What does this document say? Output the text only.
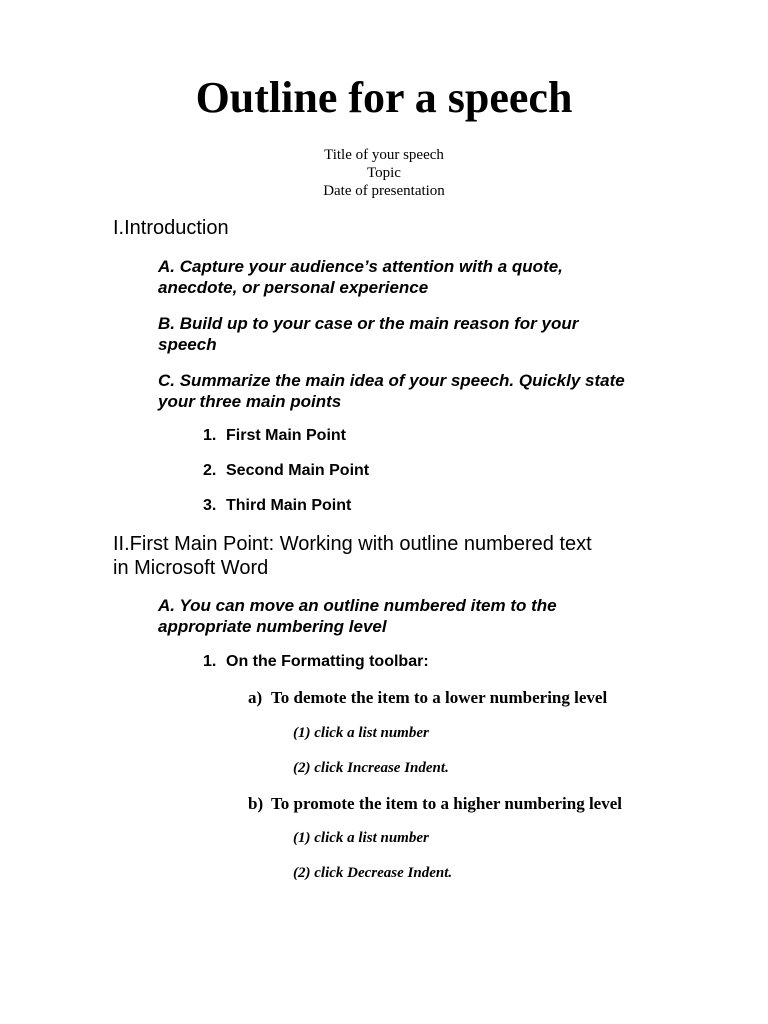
Outline for a speech
Title of your speech
Topic
Date of presentation
I.Introduction
A. Capture your audience’s attention with a quote,
anecdote, or personal experience
B. Build up to your case or the main reason for your
speech
C. Summarize the main idea of your speech. Quickly state
your three main points
1. First Main Point
2. Second Main Point
3. Third Main Point
II.First Main Point: Working with outline numbered text
in Microsoft Word
A. You can move an outline numbered item to the
appropriate numbering level
1. On the Formatting toolbar:
a) To demote the item to a lower numbering level
(1) click a list number
(2) click Increase Indent.
b) To promote the item to a higher numbering level
(1) click a list number
(2) click Decrease Indent.
